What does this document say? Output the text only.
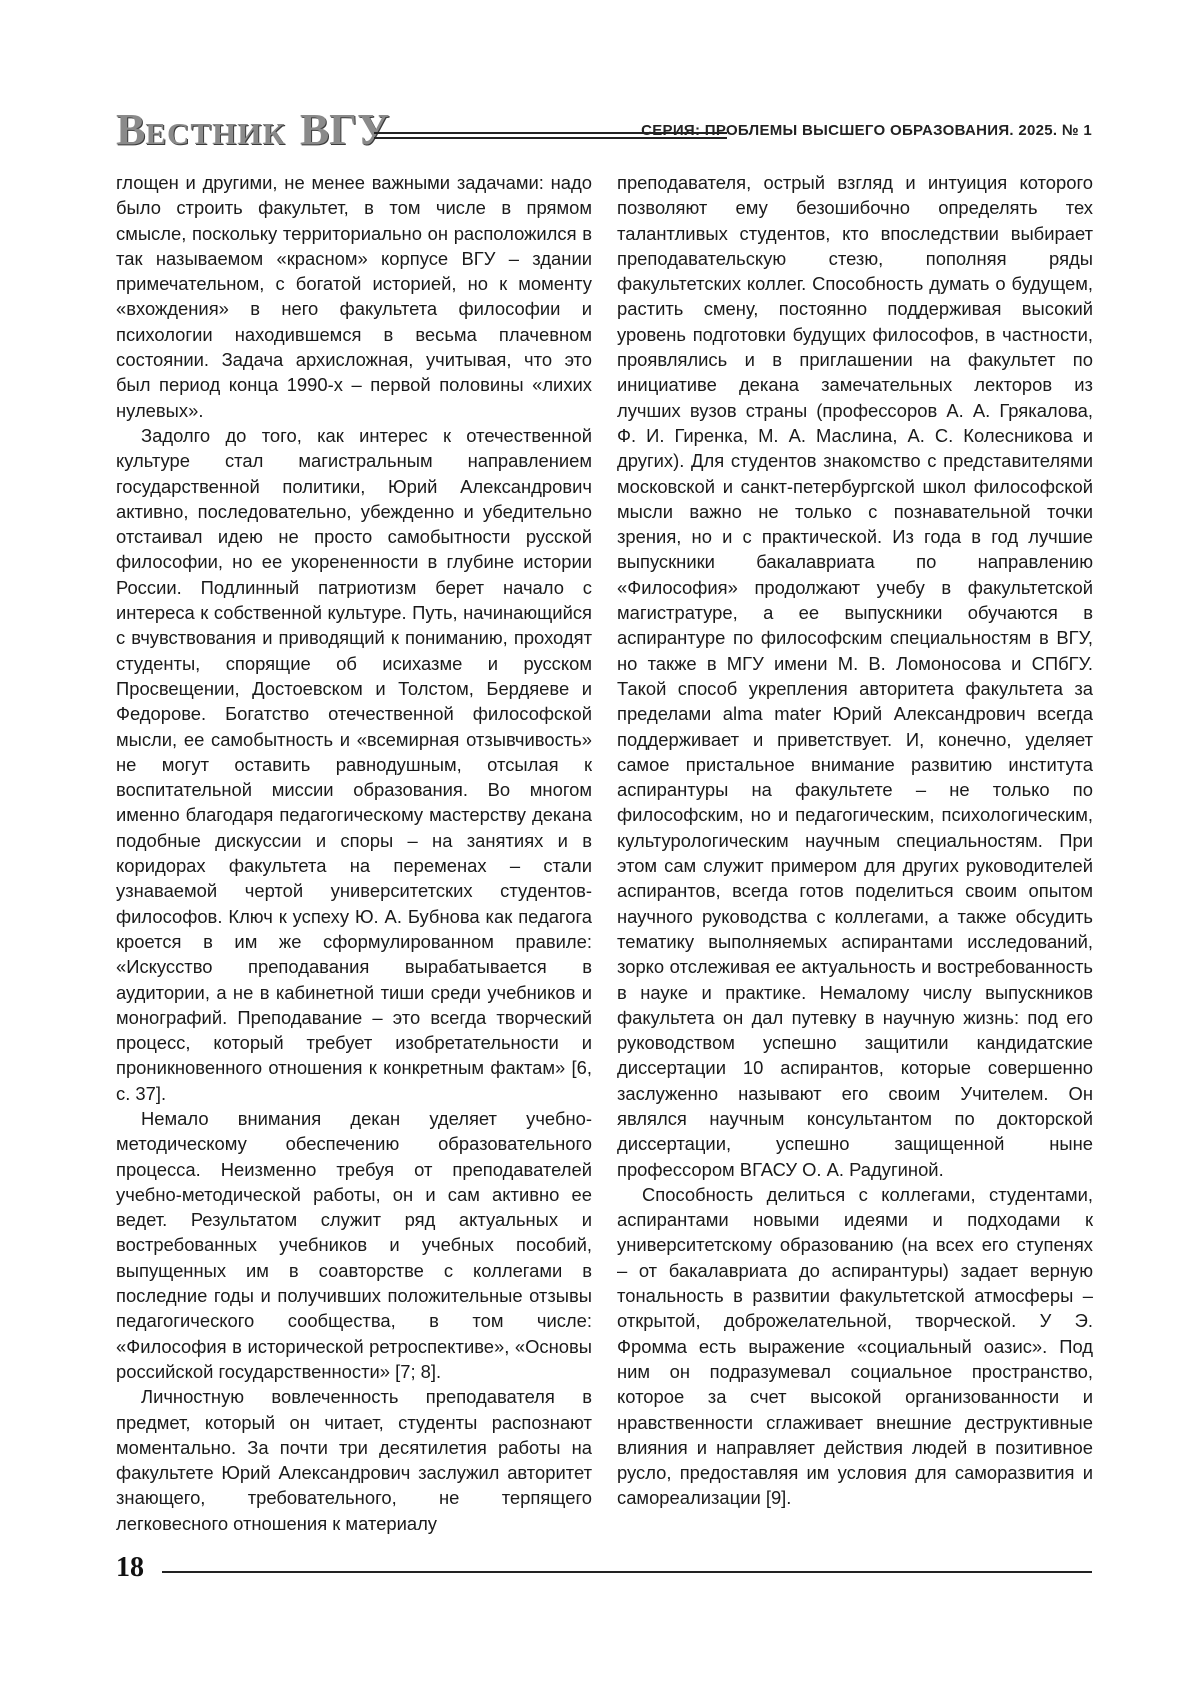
ВЕСТНИК ВГУ	СЕРИЯ: ПРОБЛЕМЫ ВЫСШЕГО ОБРАЗОВАНИЯ. 2025. № 1

глощен и другими, не менее важными задачами: надо было строить факультет, в том числе в прямом смысле, поскольку территориально он расположился в так называемом «красном» корпусе ВГУ – здании примечательном, с богатой историей, но к моменту «вхождения» в него факультета философии и психологии находившемся в весьма плачевном состоянии. Задача архисложная, учитывая, что это был период конца 1990-х – первой половины «лихих нулевых».

Задолго до того, как интерес к отечественной культуре стал магистральным направлением государственной политики, Юрий Александрович активно, последовательно, убежденно и убедительно отстаивал идею не просто самобытности русской философии, но ее укорененности в глубине истории России. Подлинный патриотизм берет начало с интереса к собственной культуре. Путь, начинающийся с вчувствования и приводящий к пониманию, проходят студенты, спорящие об исихазме и русском Просвещении, Достоевском и Толстом, Бердяеве и Федорове. Богатство отечественной философской мысли, ее самобытность и «всемирная отзывчивость» не могут оставить равнодушным, отсылая к воспитательной миссии образования. Во многом именно благодаря педагогическому мастерству декана подобные дискуссии и споры – на занятиях и в коридорах факультета на переменах – стали узнаваемой чертой университетских студентов-философов. Ключ к успеху Ю. А. Бубнова как педагога кроется в им же сформулированном правиле: «Искусство преподавания вырабатывается в аудитории, а не в кабинетной тиши среди учебников и монографий. Преподавание – это всегда творческий процесс, который требует изобретательности и проникновенного отношения к конкретным фактам» [6, с. 37].

Немало внимания декан уделяет учебно-методическому обеспечению образовательного процесса. Неизменно требуя от преподавателей учебно-методической работы, он и сам активно ее ведет. Результатом служит ряд актуальных и востребованных учебников и учебных пособий, выпущенных им в соавторстве с коллегами в последние годы и получивших положительные отзывы педагогического сообщества, в том числе: «Философия в исторической ретроспективе», «Основы российской государственности» [7; 8].

Личностную вовлеченность преподавателя в предмет, который он читает, студенты распознают моментально. За почти три десятилетия работы на факультете Юрий Александрович заслужил авторитет знающего, требовательного, не терпящего легковесного отношения к материалу

преподавателя, острый взгляд и интуиция которого позволяют ему безошибочно определять тех талантливых студентов, кто впоследствии выбирает преподавательскую стезю, пополняя ряды факультетских коллег. Способность думать о будущем, растить смену, постоянно поддерживая высокий уровень подготовки будущих философов, в частности, проявлялись и в приглашении на факультет по инициативе декана замечательных лекторов из лучших вузов страны (профессоров А. А. Грякалова, Ф. И. Гиренка, М. А. Маслина, А. С. Колесникова и других). Для студентов знакомство с представителями московской и санкт-петербургской школ философской мысли важно не только с познавательной точки зрения, но и с практической. Из года в год лучшие выпускники бакалавриата по направлению «Философия» продолжают учебу в факультетской магистратуре, а ее выпускники обучаются в аспирантуре по философским специальностям в ВГУ, но также в МГУ имени М. В. Ломоносова и СПбГУ. Такой способ укрепления авторитета факультета за пределами alma mater Юрий Александрович всегда поддерживает и приветствует. И, конечно, уделяет самое пристальное внимание развитию института аспирантуры на факультете – не только по философским, но и педагогическим, психологическим, культурологическим научным специальностям. При этом сам служит примером для других руководителей аспирантов, всегда готов поделиться своим опытом научного руководства с коллегами, а также обсудить тематику выполняемых аспирантами исследований, зорко отслеживая ее актуальность и востребованность в науке и практике. Немалому числу выпускников факультета он дал путевку в научную жизнь: под его руководством успешно защитили кандидатские диссертации 10 аспирантов, которые совершенно заслуженно называют его своим Учителем. Он являлся научным консультантом по докторской диссертации, успешно защищенной ныне профессором ВГАСУ О. А. Радугиной.

Способность делиться с коллегами, студентами, аспирантами новыми идеями и подходами к университетскому образованию (на всех его ступенях – от бакалавриата до аспирантуры) задает верную тональность в развитии факультетской атмосферы – открытой, доброжелательной, творческой. У Э. Фромма есть выражение «социальный оазис». Под ним он подразумевал социальное пространство, которое за счет высокой организованности и нравственности сглаживает внешние деструктивные влияния и направляет действия людей в позитивное русло, предоставляя им условия для саморазвития и самореализации [9].

18
